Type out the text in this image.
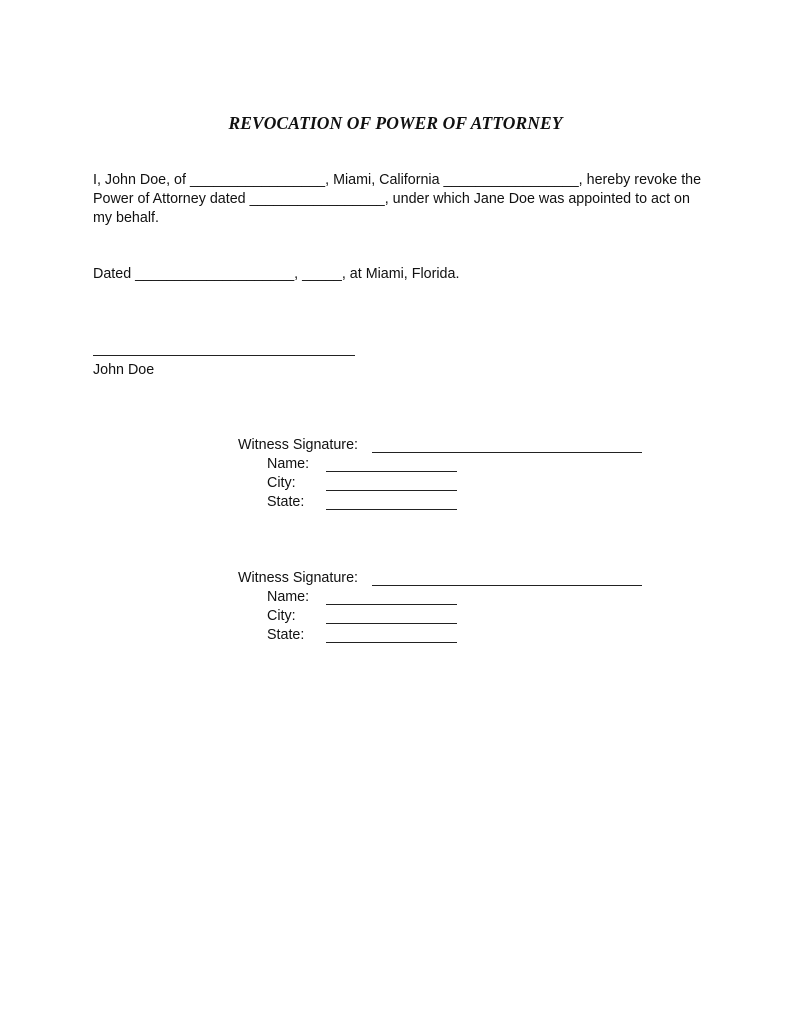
REVOCATION OF POWER OF ATTORNEY
I, John Doe, of _________________, Miami, California _________________, hereby revoke the
Power of Attorney dated _________________, under which Jane Doe was appointed to act on
my behalf.
Dated ____________________, _____, at Miami, Florida.
John Doe
Witness Signature:
Name:
City:
State:
Witness Signature:
Name:
City:
State:
